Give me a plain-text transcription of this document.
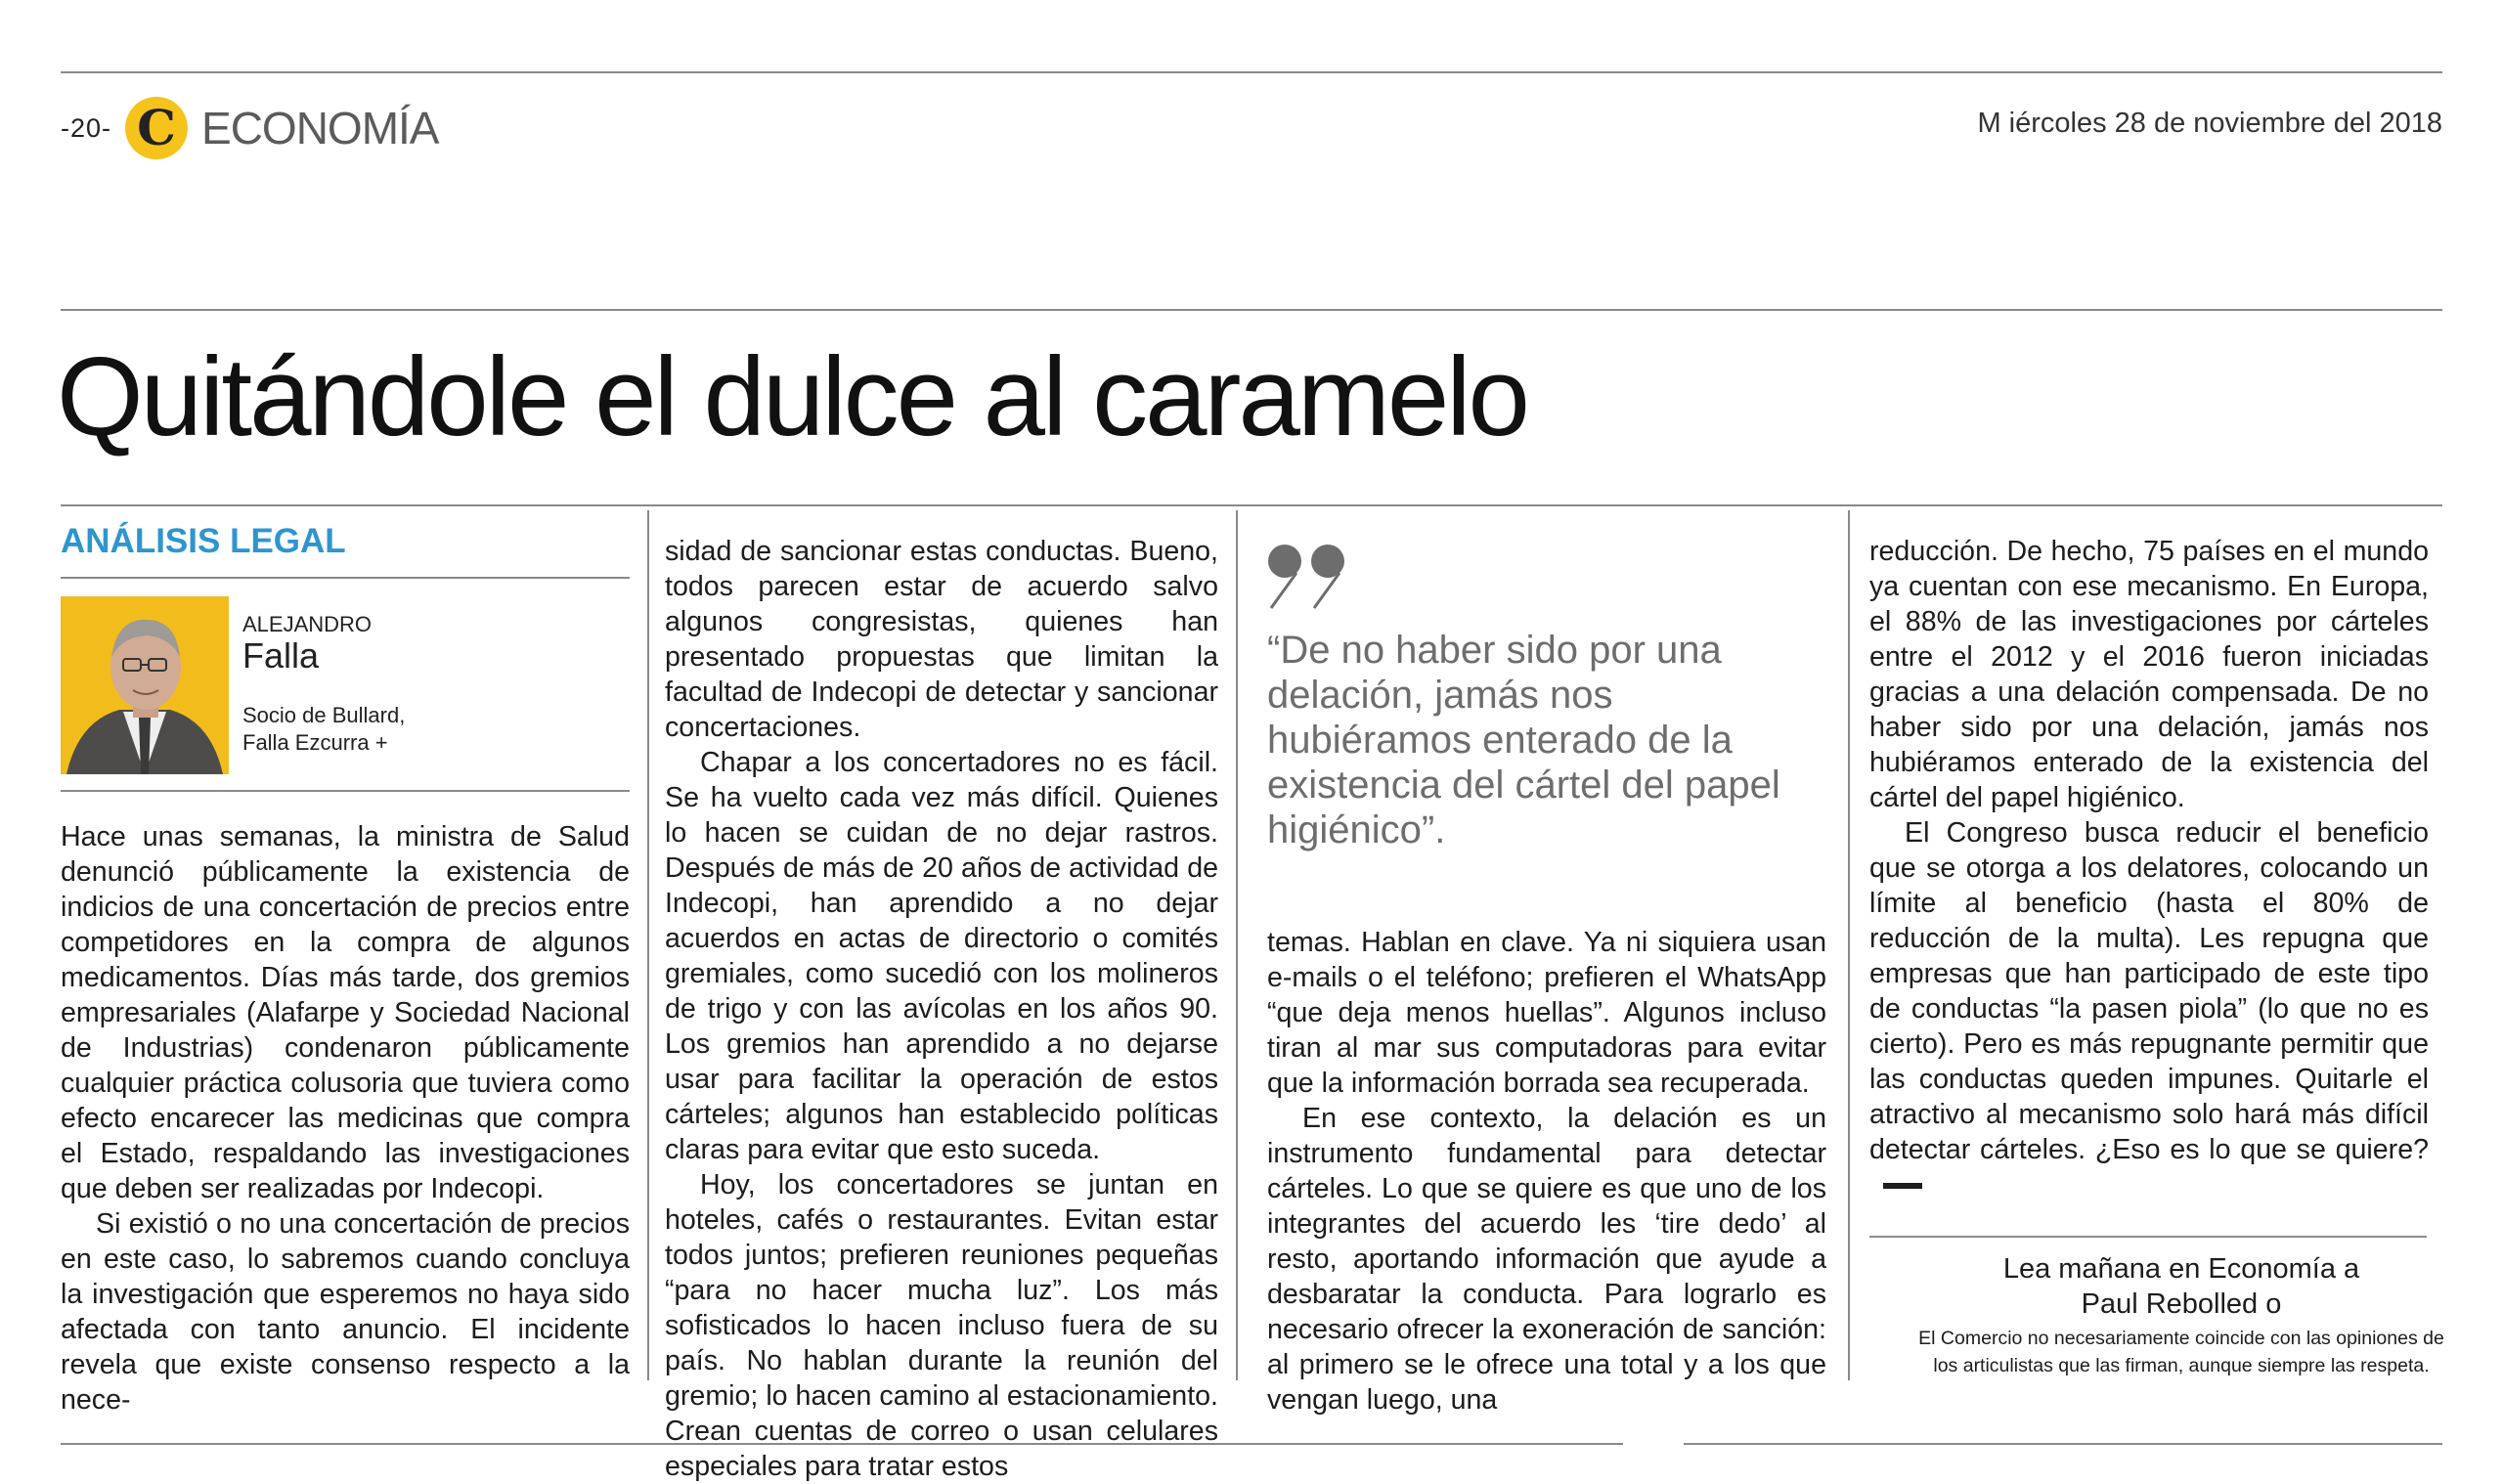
-20- C ECONOMÍA	M iércoles 28 de noviembre del 2018
Quitándole el dulce al caramelo
ANÁLISIS LEGAL
ALEJANDRO
Falla
Socio de Bullard,
Falla Ezcurra +

Hace unas semanas, la ministra de Salud denunció públicamente la existencia de indicios de una concertación de precios entre competidores en la compra de algunos medicamentos. Días más tarde, dos gremios empresariales (Alafarpe y Sociedad Nacional de Industrias) condenaron públicamente cualquier práctica colusoria que tuviera como efecto encarecer las medicinas que compra el Estado, respaldando las investigaciones que deben ser realizadas por Indecopi.

Si existió o no una concertación de precios en este caso, lo sabremos cuando concluya la investigación que esperemos no haya sido afectada con tanto anuncio. El incidente revela que existe consenso respecto a la nece-

sidad de sancionar estas conductas. Bueno, todos parecen estar de acuerdo salvo algunos congresistas, quienes han presentado propuestas que limitan la facultad de Indecopi de detectar y sancionar concertaciones.

Chapar a los concertadores no es fácil. Se ha vuelto cada vez más difícil. Quienes lo hacen se cuidan de no dejar rastros. Después de más de 20 años de actividad de Indecopi, han aprendido a no dejar acuerdos en actas de directorio o comités gremiales, como sucedió con los molineros de trigo y con las avícolas en los años 90. Los gremios han aprendido a no dejarse usar para facilitar la operación de estos cárteles; algunos han establecido políticas claras para evitar que esto suceda.

Hoy, los concertadores se juntan en hoteles, cafés o restaurantes. Evitan estar todos juntos; prefieren reuniones pequeñas “para no hacer mucha luz”. Los más sofisticados lo hacen incluso fuera de su país. No hablan durante la reunión del gremio; lo hacen camino al estacionamiento. Crean cuentas de correo o usan celulares especiales para tratar estos

“De no haber sido por una delación, jamás nos hubiéramos enterado de la existencia del cártel del papel higiénico”.

temas. Hablan en clave. Ya ni siquiera usan e-mails o el teléfono; prefieren el WhatsApp “que deja menos huellas”. Algunos incluso tiran al mar sus computadoras para evitar que la información borrada sea recuperada.

En ese contexto, la delación es un instrumento fundamental para detectar cárteles. Lo que se quiere es que uno de los integrantes del acuerdo les ‘tire dedo’ al resto, aportando información que ayude a desbaratar la conducta. Para lograrlo es necesario ofrecer la exoneración de sanción: al primero se le ofrece una total y a los que vengan luego, una

reducción. De hecho, 75 países en el mundo ya cuentan con ese mecanismo. En Europa, el 88% de las investigaciones por cárteles entre el 2012 y el 2016 fueron iniciadas gracias a una delación compensada. De no haber sido por una delación, jamás nos hubiéramos enterado de la existencia del cártel del papel higiénico.

El Congreso busca reducir el beneficio que se otorga a los delatores, colocando un límite al beneficio (hasta el 80% de reducción de la multa). Les repugna que empresas que han participado de este tipo de conductas “la pasen piola” (lo que no es cierto). Pero es más repugnante permitir que las conductas queden impunes. Quitarle el atractivo al mecanismo solo hará más difícil detectar cárteles. ¿Eso es lo que se quiere?

Lea mañana en Economía a
Paul Rebolled o
El Comercio no necesariamente coincide con las opiniones de
los articulistas que las firman, aunque siempre las respeta.
